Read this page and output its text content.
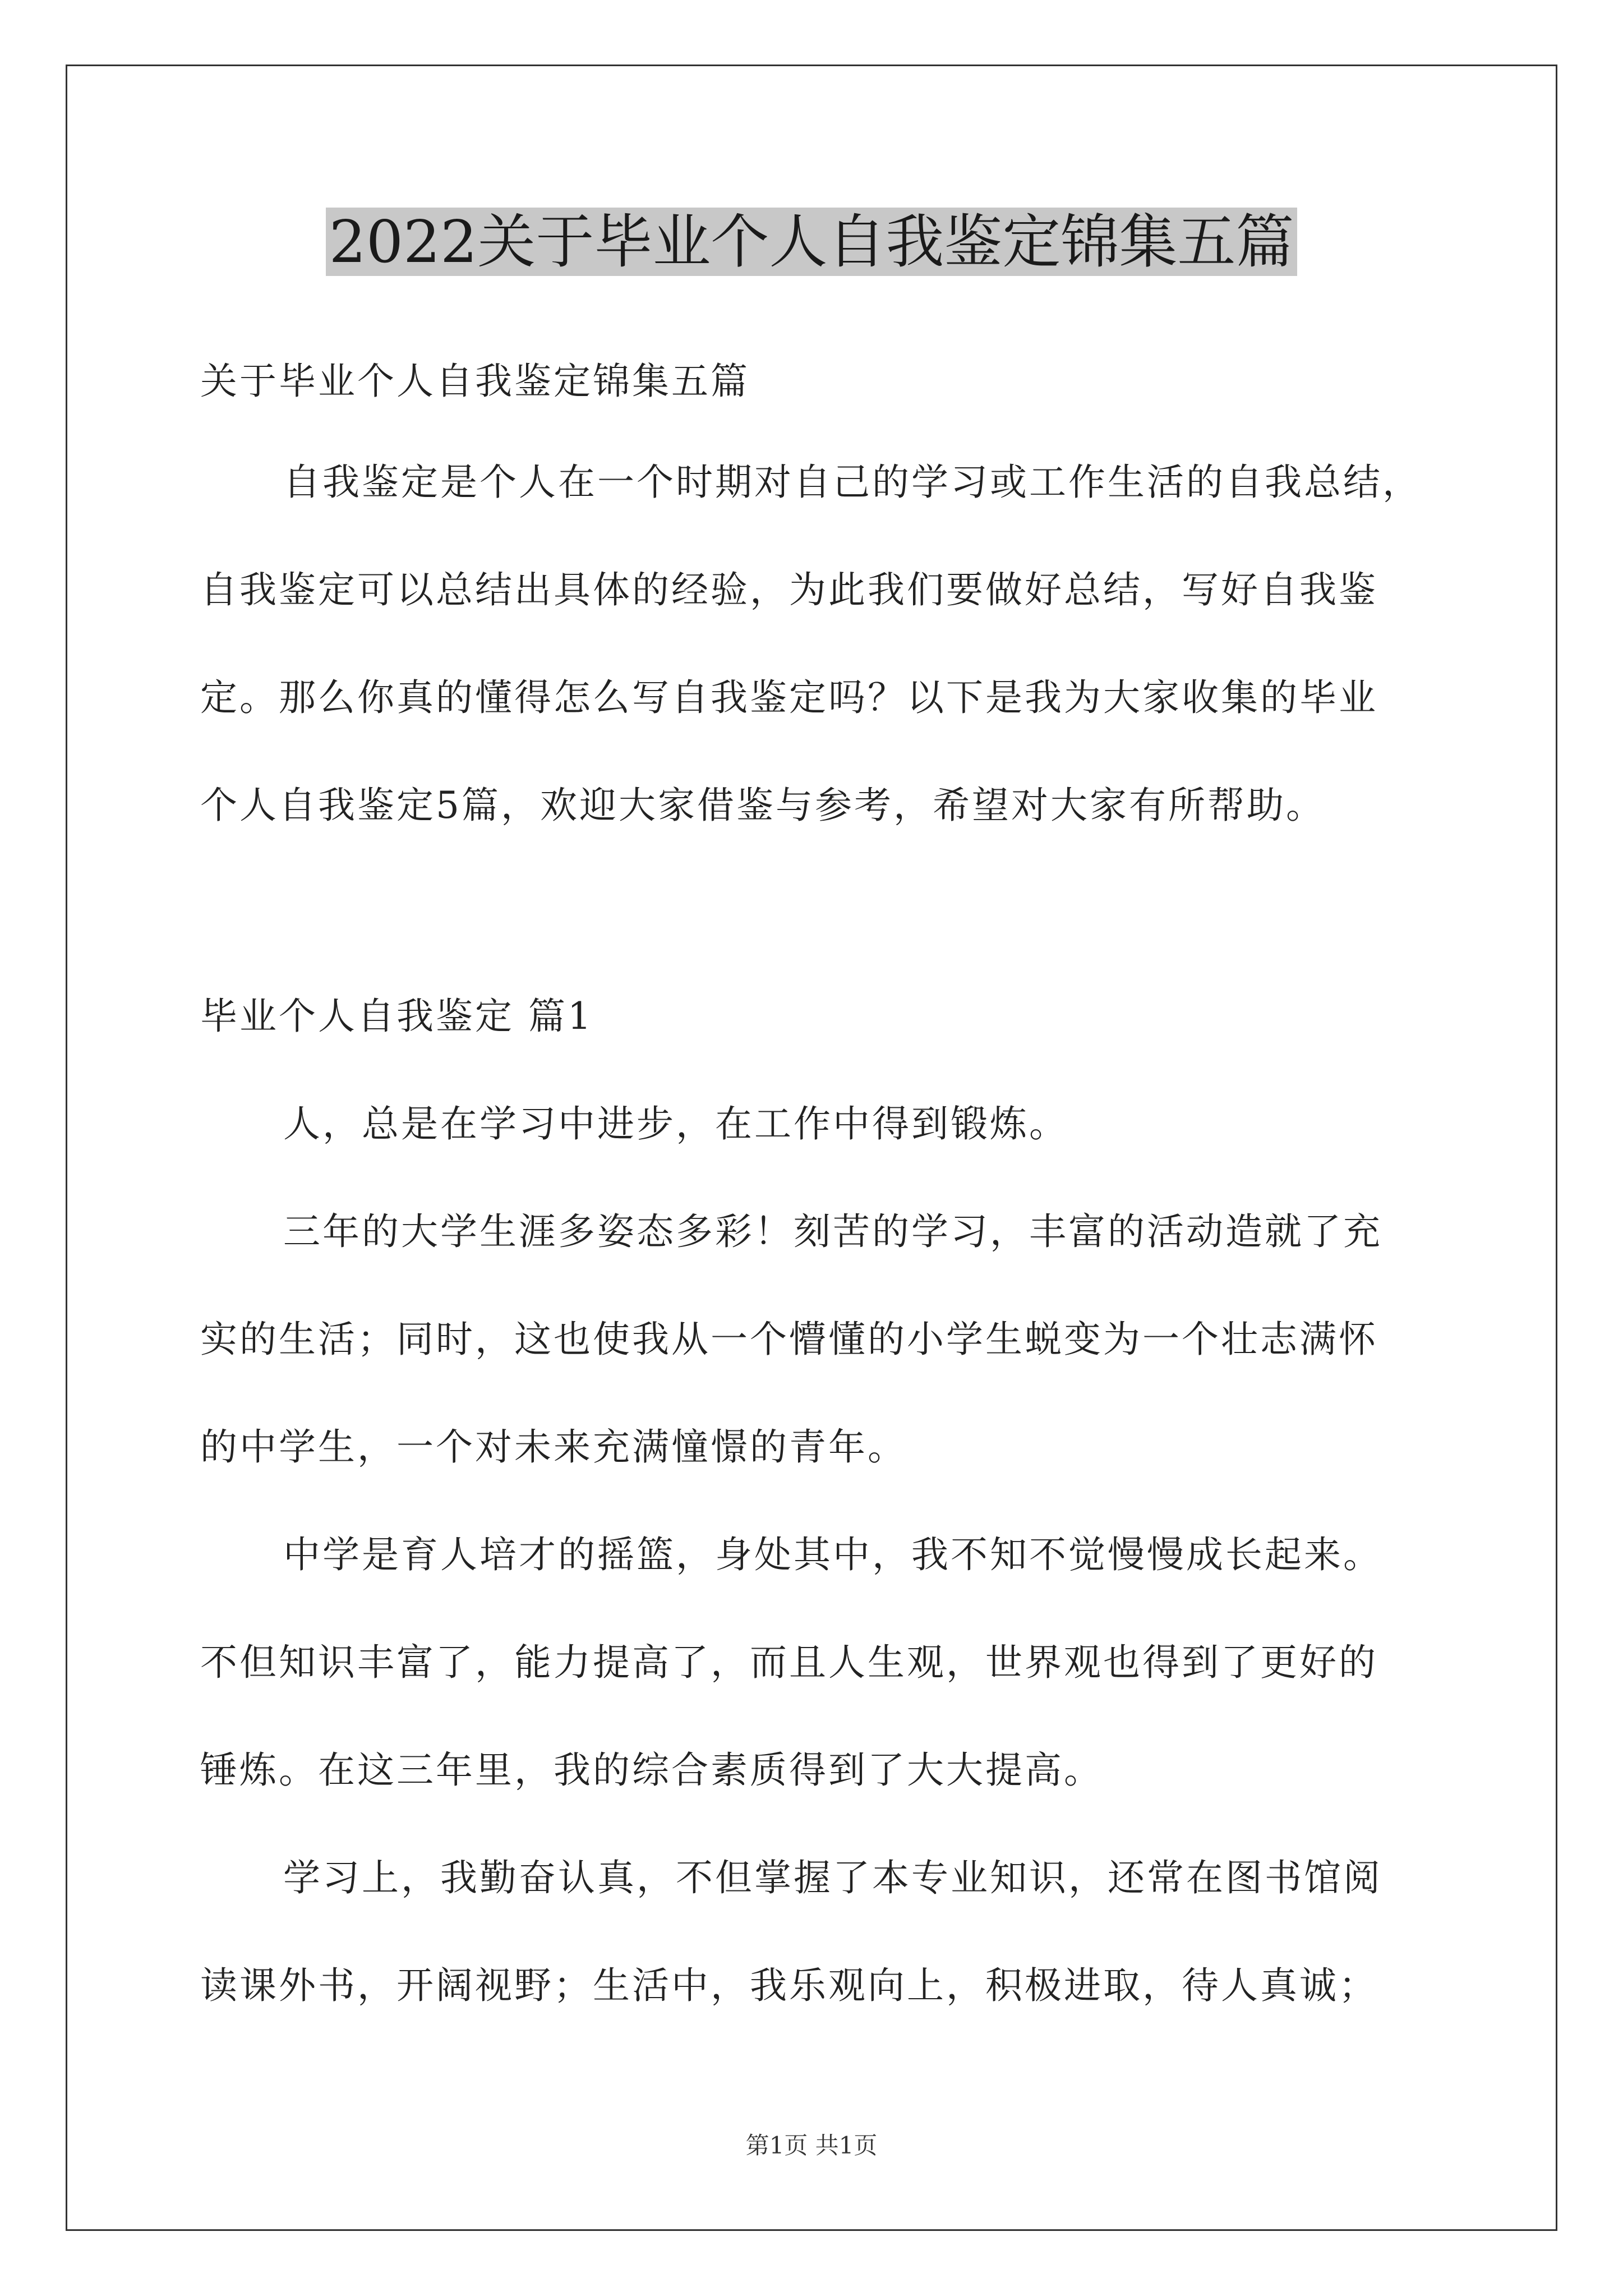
2022关于毕业个人自我鉴定锦集五篇
关于毕业个人自我鉴定锦集五篇
自我鉴定是个人在一个时期对自己的学习或工作生活的自我总结，
自我鉴定可以总结出具体的经验，为此我们要做好总结，写好自我鉴
定。那么你真的懂得怎么写自我鉴定吗？以下是我为大家收集的毕业
个人自我鉴定5篇，欢迎大家借鉴与参考，希望对大家有所帮助。
毕业个人自我鉴定 篇1
人，总是在学习中进步，在工作中得到锻炼。
三年的大学生涯多姿态多彩！刻苦的学习，丰富的活动造就了充
实的生活；同时，这也使我从一个懵懂的小学生蜕变为一个壮志满怀
的中学生，一个对未来充满憧憬的青年。
中学是育人培才的摇篮，身处其中，我不知不觉慢慢成长起来。
不但知识丰富了，能力提高了，而且人生观，世界观也得到了更好的
锤炼。在这三年里，我的综合素质得到了大大提高。
学习上，我勤奋认真，不但掌握了本专业知识，还常在图书馆阅
读课外书，开阔视野；生活中，我乐观向上，积极进取，待人真诚；
第1页 共1页
